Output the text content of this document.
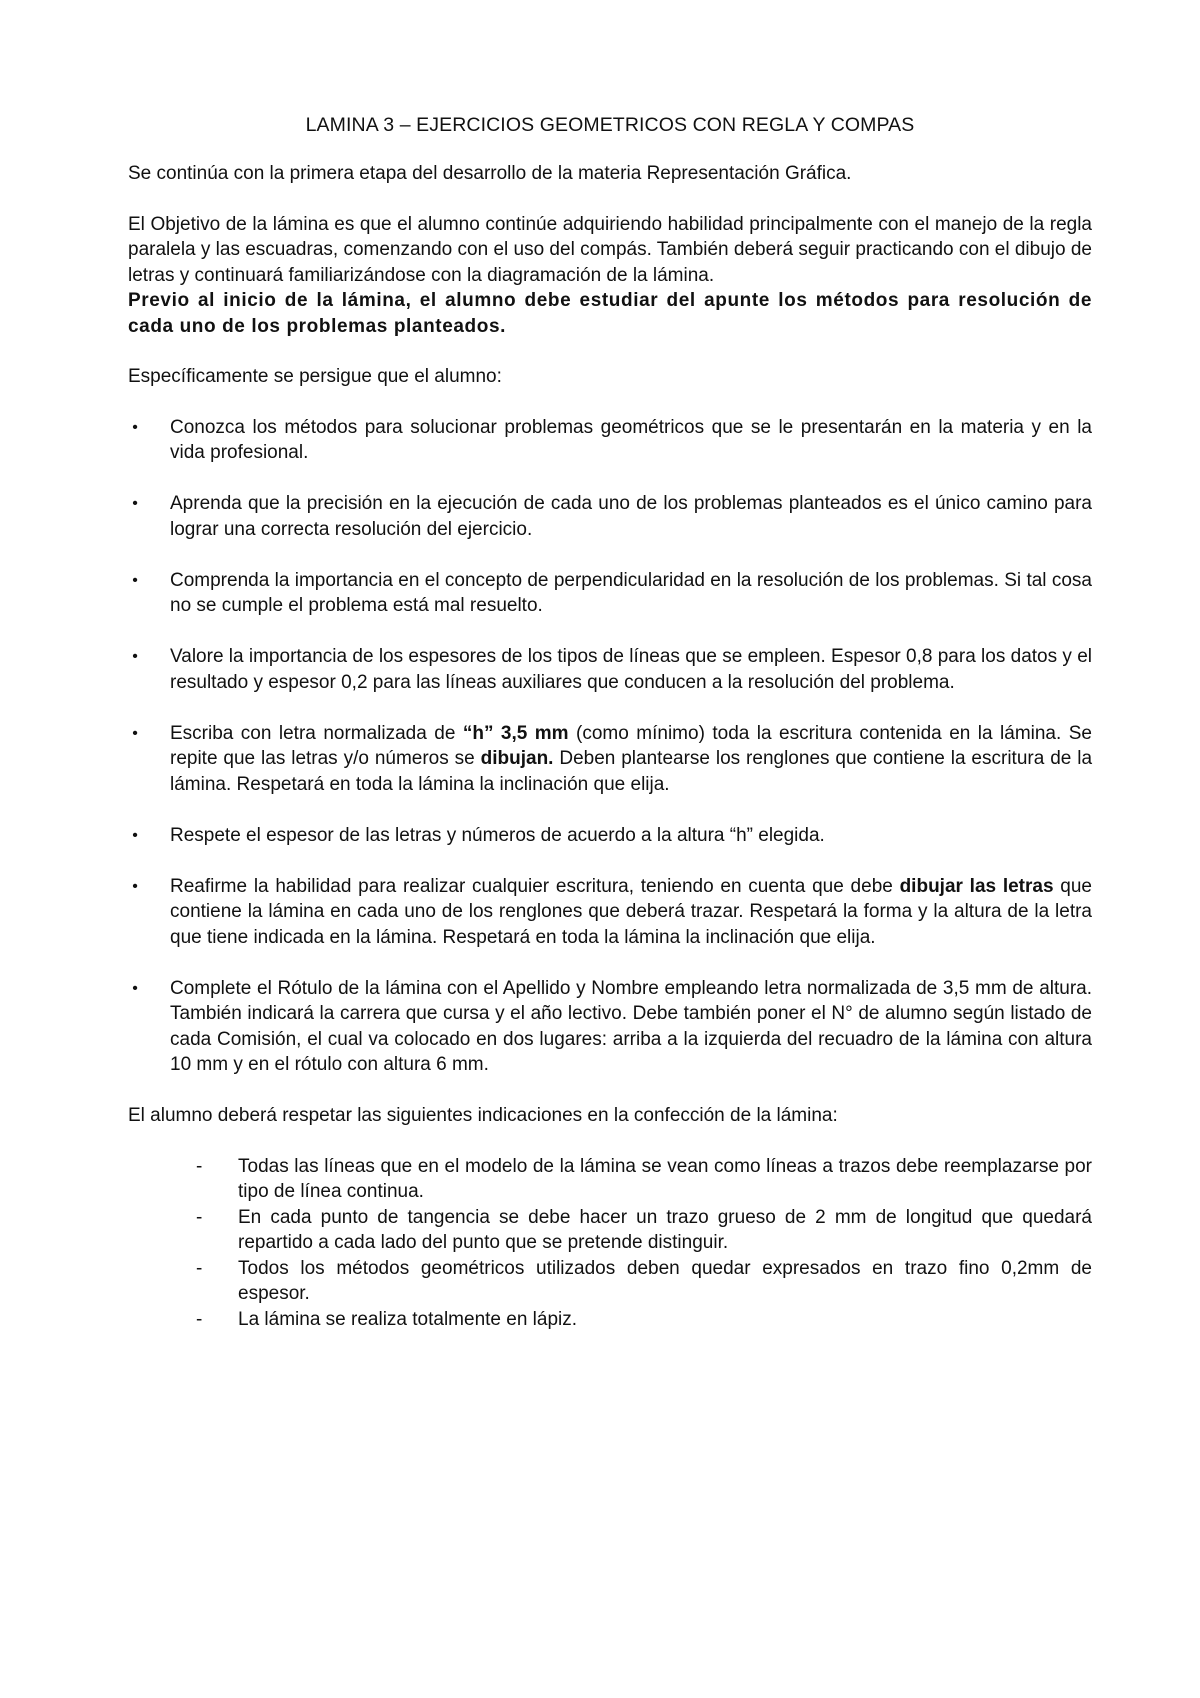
LAMINA 3 – EJERCICIOS GEOMETRICOS CON REGLA Y COMPAS

Se continúa con la primera etapa del desarrollo de la materia Representación Gráfica.

El Objetivo de la lámina es que el alumno continúe adquiriendo habilidad principalmente con el manejo de la regla paralela y las escuadras, comenzando con el uso del compás. También deberá seguir practicando con el dibujo de letras y continuará familiarizándose con la diagramación de la lámina.

Previo al inicio de la lámina, el alumno debe estudiar del apunte los métodos para resolución de cada uno de los problemas planteados.

Específicamente se persigue que el alumno:

• Conozca los métodos para solucionar problemas geométricos que se le presentarán en la materia y en la vida profesional.
• Aprenda que la precisión en la ejecución de cada uno de los problemas planteados es el único camino para lograr una correcta resolución del ejercicio.
• Comprenda la importancia en el concepto de perpendicularidad en la resolución de los problemas. Si tal cosa no se cumple el problema está mal resuelto.
• Valore la importancia de los espesores de los tipos de líneas que se empleen. Espesor 0,8 para los datos y el resultado y espesor 0,2 para las líneas auxiliares que conducen a la resolución del problema.
• Escriba con letra normalizada de “h” 3,5 mm (como mínimo) toda la escritura contenida en la lámina. Se repite que las letras y/o números se dibujan. Deben plantearse los renglones que contiene la escritura de la lámina. Respetará en toda la lámina la inclinación que elija.
• Respete el espesor de las letras y números de acuerdo a la altura “h” elegida.
• Reafirme la habilidad para realizar cualquier escritura, teniendo en cuenta que debe dibujar las letras que contiene la lámina en cada uno de los renglones que deberá trazar. Respetará la forma y la altura de la letra que tiene indicada en la lámina. Respetará en toda la lámina la inclinación que elija.
• Complete el Rótulo de la lámina con el Apellido y Nombre empleando letra normalizada de 3,5 mm de altura. También indicará la carrera que cursa y el año lectivo. Debe también poner el N° de alumno según listado de cada Comisión, el cual va colocado en dos lugares: arriba a la izquierda del recuadro de la lámina con altura 10 mm y en el rótulo con altura 6 mm.

El alumno deberá respetar las siguientes indicaciones en la confección de la lámina:

- Todas las líneas que en el modelo de la lámina se vean como líneas a trazos debe reemplazarse por tipo de línea continua.
- En cada punto de tangencia se debe hacer un trazo grueso de 2 mm de longitud que quedará repartido a cada lado del punto que se pretende distinguir.
- Todos los métodos geométricos utilizados deben quedar expresados en trazo fino 0,2mm de espesor.
- La lámina se realiza totalmente en lápiz.
